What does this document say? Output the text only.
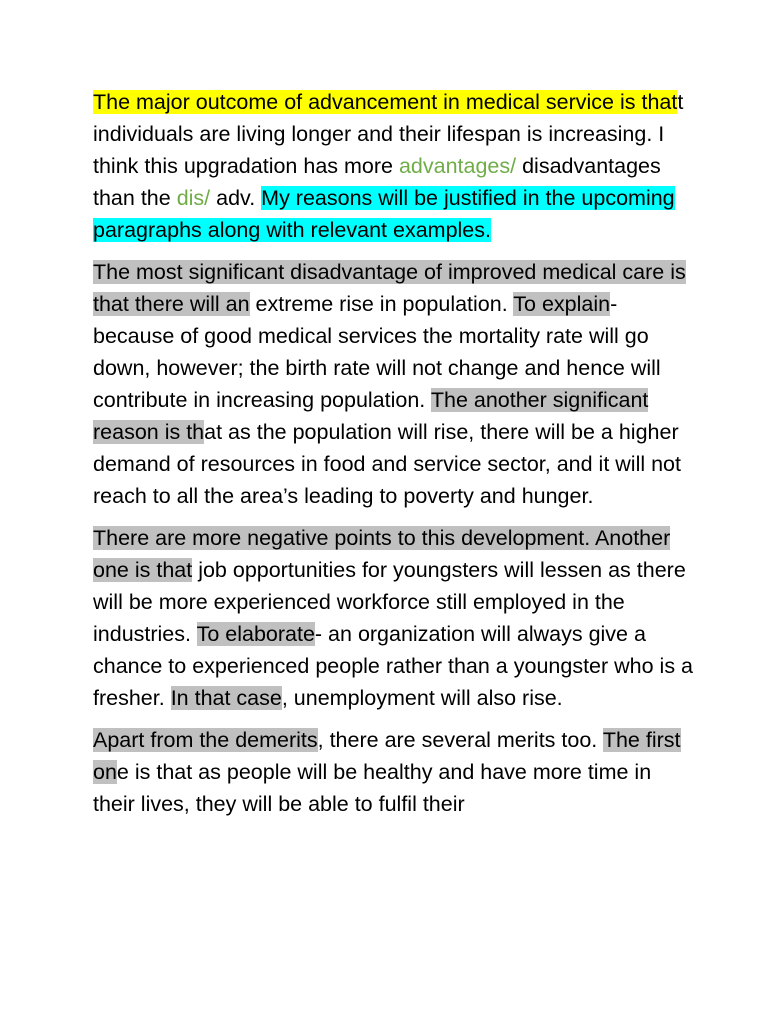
The major outcome of advancement in medical service is thatt individuals are living longer and their lifespan is increasing. I think this upgradation has more advantages/ disadvantages than the dis/ adv. My reasons will be justified in the upcoming paragraphs along with relevant examples.

The most significant disadvantage of improved medical care is that there will an extreme rise in population. To explain- because of good medical services the mortality rate will go down, however; the birth rate will not change and hence will contribute in increasing population. The another significant reason is that as the population will rise, there will be a higher demand of resources in food and service sector, and it will not reach to all the area’s leading to poverty and hunger.

There are more negative points to this development. Another one is that job opportunities for youngsters will lessen as there will be more experienced workforce still employed in the industries. To elaborate- an organization will always give a chance to experienced people rather than a youngster who is a fresher. In that case, unemployment will also rise.

Apart from the demerits, there are several merits too. The first one is that as people will be healthy and have more time in their lives, they will be able to fulfil their
